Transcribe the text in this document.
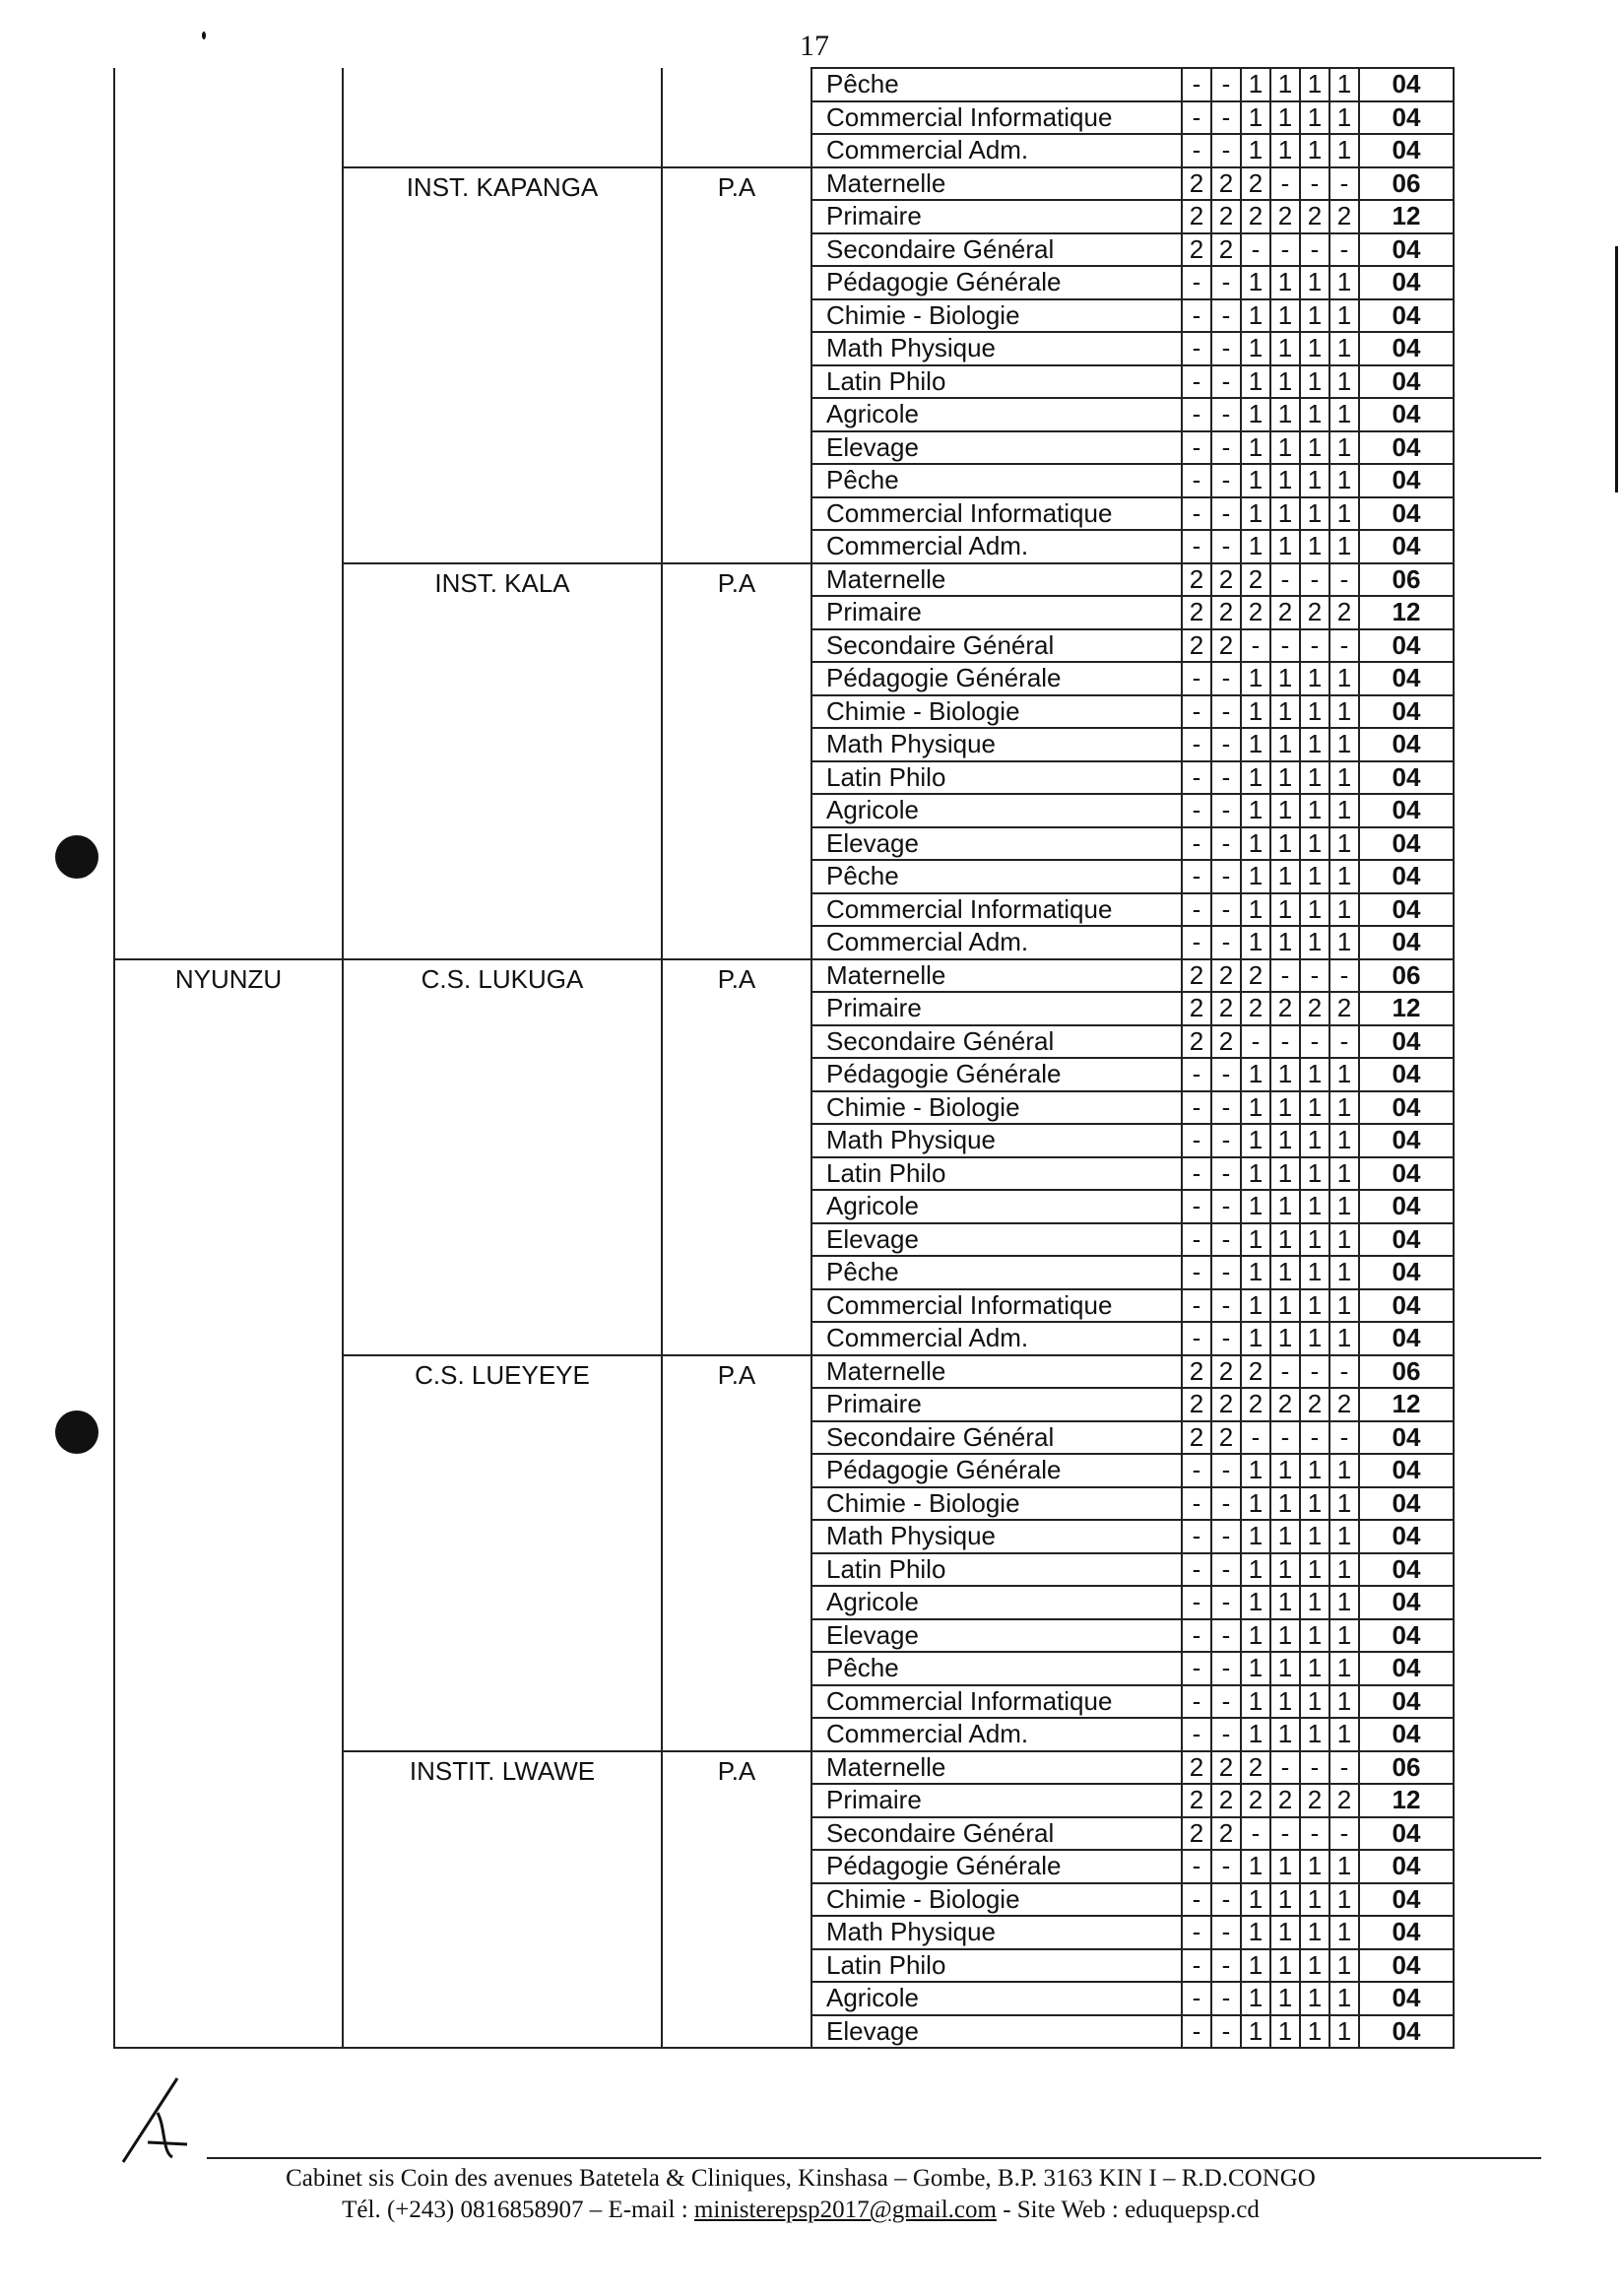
17
			Pêche	-	-	1	1	1	1	04
			Commercial Informatique	-	-	1	1	1	1	04
			Commercial Adm.	-	-	1	1	1	1	04
	INST. KAPANGA	P.A	Maternelle	2	2	2	-	-	-	06
			Primaire	2	2	2	2	2	2	12
			Secondaire Général	2	2	-	-	-	-	04
			Pédagogie Générale	-	-	1	1	1	1	04
			Chimie - Biologie	-	-	1	1	1	1	04
			Math Physique	-	-	1	1	1	1	04
			Latin Philo	-	-	1	1	1	1	04
			Agricole	-	-	1	1	1	1	04
			Elevage	-	-	1	1	1	1	04
			Pêche	-	-	1	1	1	1	04
			Commercial Informatique	-	-	1	1	1	1	04
			Commercial Adm.	-	-	1	1	1	1	04
	INST. KALA	P.A	Maternelle	2	2	2	-	-	-	06
			Primaire	2	2	2	2	2	2	12
			Secondaire Général	2	2	-	-	-	-	04
			Pédagogie Générale	-	-	1	1	1	1	04
			Chimie - Biologie	-	-	1	1	1	1	04
			Math Physique	-	-	1	1	1	1	04
			Latin Philo	-	-	1	1	1	1	04
			Agricole	-	-	1	1	1	1	04
			Elevage	-	-	1	1	1	1	04
			Pêche	-	-	1	1	1	1	04
			Commercial Informatique	-	-	1	1	1	1	04
			Commercial Adm.	-	-	1	1	1	1	04
NYUNZU	C.S. LUKUGA	P.A	Maternelle	2	2	2	-	-	-	06
			Primaire	2	2	2	2	2	2	12
			Secondaire Général	2	2	-	-	-	-	04
			Pédagogie Générale	-	-	1	1	1	1	04
			Chimie - Biologie	-	-	1	1	1	1	04
			Math Physique	-	-	1	1	1	1	04
			Latin Philo	-	-	1	1	1	1	04
			Agricole	-	-	1	1	1	1	04
			Elevage	-	-	1	1	1	1	04
			Pêche	-	-	1	1	1	1	04
			Commercial Informatique	-	-	1	1	1	1	04
			Commercial Adm.	-	-	1	1	1	1	04
	C.S. LUEYEYE	P.A	Maternelle	2	2	2	-	-	-	06
			Primaire	2	2	2	2	2	2	12
			Secondaire Général	2	2	-	-	-	-	04
			Pédagogie Générale	-	-	1	1	1	1	04
			Chimie - Biologie	-	-	1	1	1	1	04
			Math Physique	-	-	1	1	1	1	04
			Latin Philo	-	-	1	1	1	1	04
			Agricole	-	-	1	1	1	1	04
			Elevage	-	-	1	1	1	1	04
			Pêche	-	-	1	1	1	1	04
			Commercial Informatique	-	-	1	1	1	1	04
			Commercial Adm.	-	-	1	1	1	1	04
	INSTIT. LWAWE	P.A	Maternelle	2	2	2	-	-	-	06
			Primaire	2	2	2	2	2	2	12
			Secondaire Général	2	2	-	-	-	-	04
			Pédagogie Générale	-	-	1	1	1	1	04
			Chimie - Biologie	-	-	1	1	1	1	04
			Math Physique	-	-	1	1	1	1	04
			Latin Philo	-	-	1	1	1	1	04
			Agricole	-	-	1	1	1	1	04
			Elevage	-	-	1	1	1	1	04
Cabinet sis Coin des avenues Batetela & Cliniques, Kinshasa – Gombe, B.P. 3163 KIN I – R.D.CONGO
Tél. (+243) 0816858907 – E-mail : ministerepsp2017@gmail.com - Site Web : eduquepsp.cd
